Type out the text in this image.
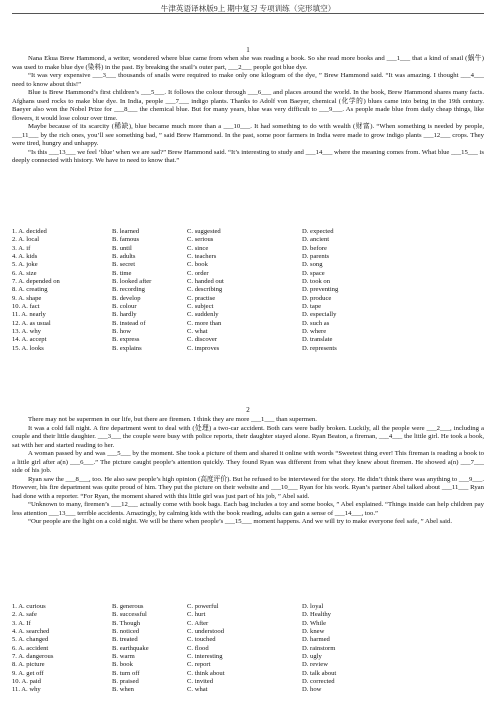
牛津英语译林版9上 期中复习 专项训练（完形填空）
1

Nana Ekua Brew Hammond, a writer, wondered where blue came from when she was reading a book. So she read more books and ___1___ that a kind of snail (蜗牛) was used to make blue dye (染料) in the past. By breaking the snail’s outer part, ___2___ people got blue dye.

“It was very expensive ___3___ thousands of snails were required to make only one kilogram of the dye, ” Brew Hammond said. “It was amazing. I thought ___4___ need to know about this!”

Blue is Brew Hammond’s first children’s ___5___. It follows the colour through ___6___ and places around the world. In the book, Brew Hammond shares many facts. Afghans used rocks to make blue dye. In India, people ___7___ indigo plants. Thanks to Adolf von Baeyer, chemical (化学的) blues came into being in the 19th century. Baeyer also won the Nobel Prize for ___8___ the chemical blue. But for many years, blue was very difficult to ___9___. As people made blue from daily cheap things, like flowers, it would lose colour over time.

Maybe because of its scarcity (稀缺), blue became much more than a ___10___. It had something to do with wealth (财富). “When something is needed by people, ___11___ by the rich ones, you’ll see something bad, ” said Brew Hammond. In the past, some poor farmers in India were made to grow indigo plants ___12___ crops. They were tired, hungry and unhappy.

“Is this ___13___ we feel ‘blue’ when we are sad?” Brew Hammond said. “It’s interesting to study and ___14___ where the meaning comes from. What blue ___15___ is deeply connected with history. We have to need to know that.”

1. A. decided	B. learned	C. suggested	D. expected
2. A. local	B. famous	C. serious	D. ancient
3. A. if	B. until	C. since	D. before
4. A. kids	B. adults	C. teachers	D. parents
5. A. joke	B. secret	C. book	D. song
6. A. size	B. time	C. order	D. space
7. A. depended on	B. looked after	C. handed out	D. took on
8. A. creating	B. recording	C. describing	D. preventing
9. A. shape	B. develop	C. practise	D. produce
10. A. fact	B. colour	C. subject	D. tape
11. A. nearly	B. hardly	C. suddenly	D. especially
12. A. as usual	B. instead of	C. more than	D. such as
13. A. why	B. how	C. what	D. where
14. A. accept	B. express	C. discover	D. translate
15. A. looks	B. explains	C. improves	D. represents
2

There may not be supermen in our life, but there are firemen. I think they are more ___1___ than supermen.

It was a cold fall night. A fire department went to deal with (处理) a two-car accident. Both cars were badly broken. Luckily, all the people were ___2___, including a couple and their little daughter. ___3___ the couple were busy with police reports, their daughter stayed alone. Ryan Beaton, a fireman, ___4___ the little girl. He took a book, sat with her and started reading to her.

A woman passed by and was ___5___ by the moment. She took a picture of them and shared it online with words “Sweetest thing ever! This fireman is reading a book to a little girl after a(n) ___6___.” The picture caught people’s attention quickly. They found Ryan was different from what they knew about firemen. He showed a(n) ___7___ side of his job.

Ryan saw the ___8___, too. He also saw people’s high opinion (高度评价). But he refused to be interviewed for the story. He didn’t think there was anything to ___9___. However, his fire department was quite proud of him. They put the picture on their website and ___10___ Ryan for his work. Ryan’s partner Abel talked about ___11___ Ryan had done with a reporter. “For Ryan, the moment shared with this little girl was just part of his job, ” Abel said.

“Unknown to many, firemen’s ___12___ actually come with book bags. Each bag includes a toy and some books, ” Abel explained. “Things inside can help children pay less attention ___13___ terrible accidents. Amazingly, by calming kids with the book reading, adults can gain a sense of ___14___, too.”

“Our people are the light on a cold night. We will be there when people’s ___15___ moment happens. And we will try to make everyone feel safe, ” Abel said.

1. A. curious	B. generous	C. powerful	D. loyal
2. A. safe	B. successful	C. hurt	D. Healthy
3. A. If	B. Though	C. After	D. While
4. A. searched	B. noticed	C. understood	D. knew
5. A. changed	B. treated	C. touched	D. harmed
6. A. accident	B. earthquake	C. flood	D. rainstorm
7. A. dangerous	B. warm	C. interesting	D. ugly
8. A. picture	B. book	C. report	D. review
9. A. get off	B. turn off	C. think about	D. talk about
10. A. paid	B. praised	C. invited	D. corrected
11. A. why	B. when	C. what	D. how
